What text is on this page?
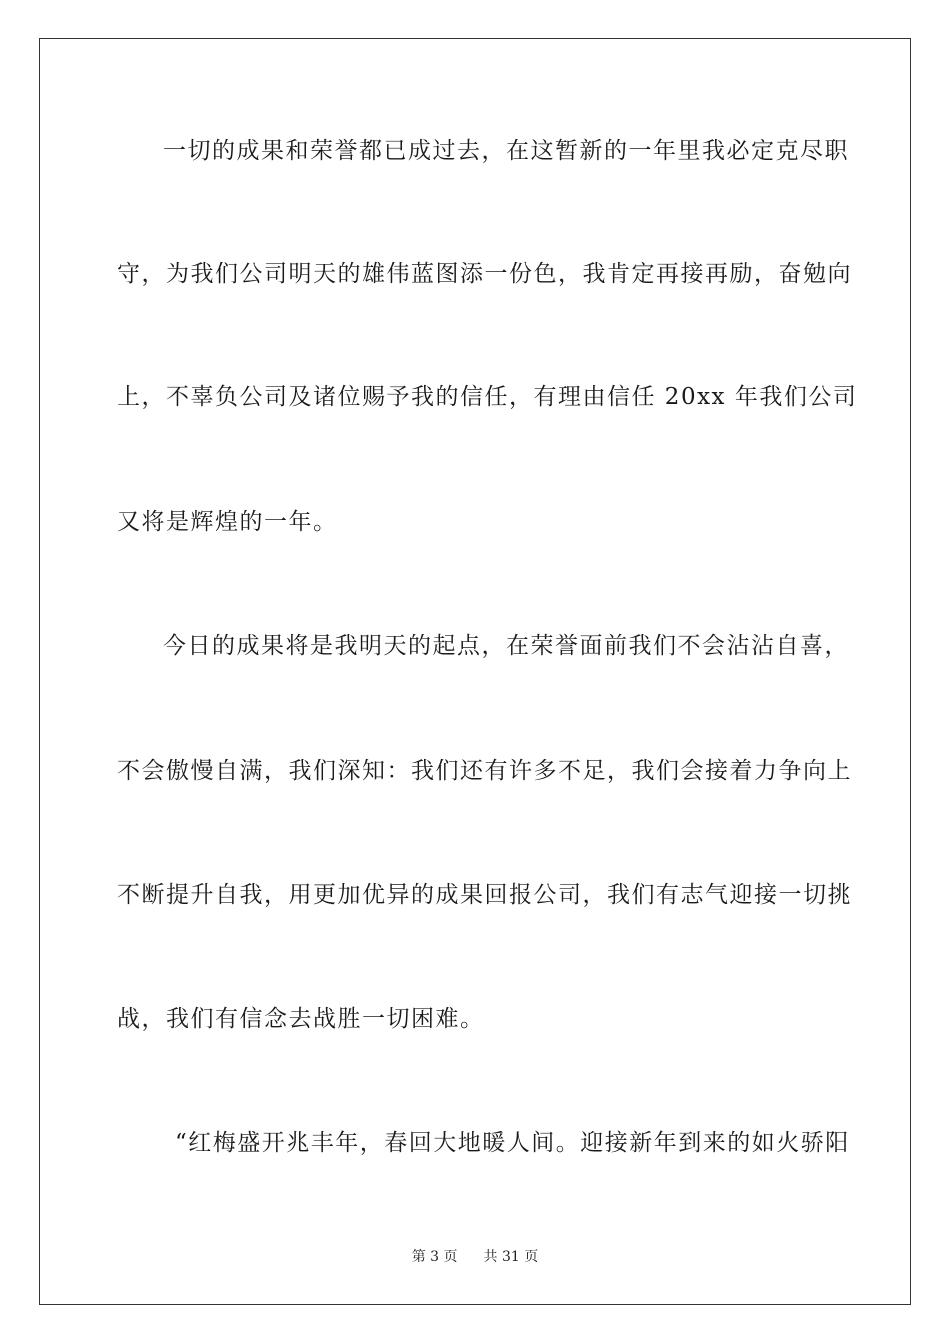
一切的成果和荣誉都已成过去，在这暂新的一年里我必定克尽职
守，为我们公司明天的雄伟蓝图添一份色，我肯定再接再励，奋勉向
上，不辜负公司及诸位赐予我的信任，有理由信任 20xx 年我们公司
又将是辉煌的一年。
今日的成果将是我明天的起点，在荣誉面前我们不会沾沾自喜，
不会傲慢自满，我们深知：我们还有许多不足，我们会接着力争向上
不断提升自我，用更加优异的成果回报公司，我们有志气迎接一切挑
战，我们有信念去战胜一切困难。
“红梅盛开兆丰年，春回大地暖人间。迎接新年到来的如火骄阳
第 3 页 共 31 页
